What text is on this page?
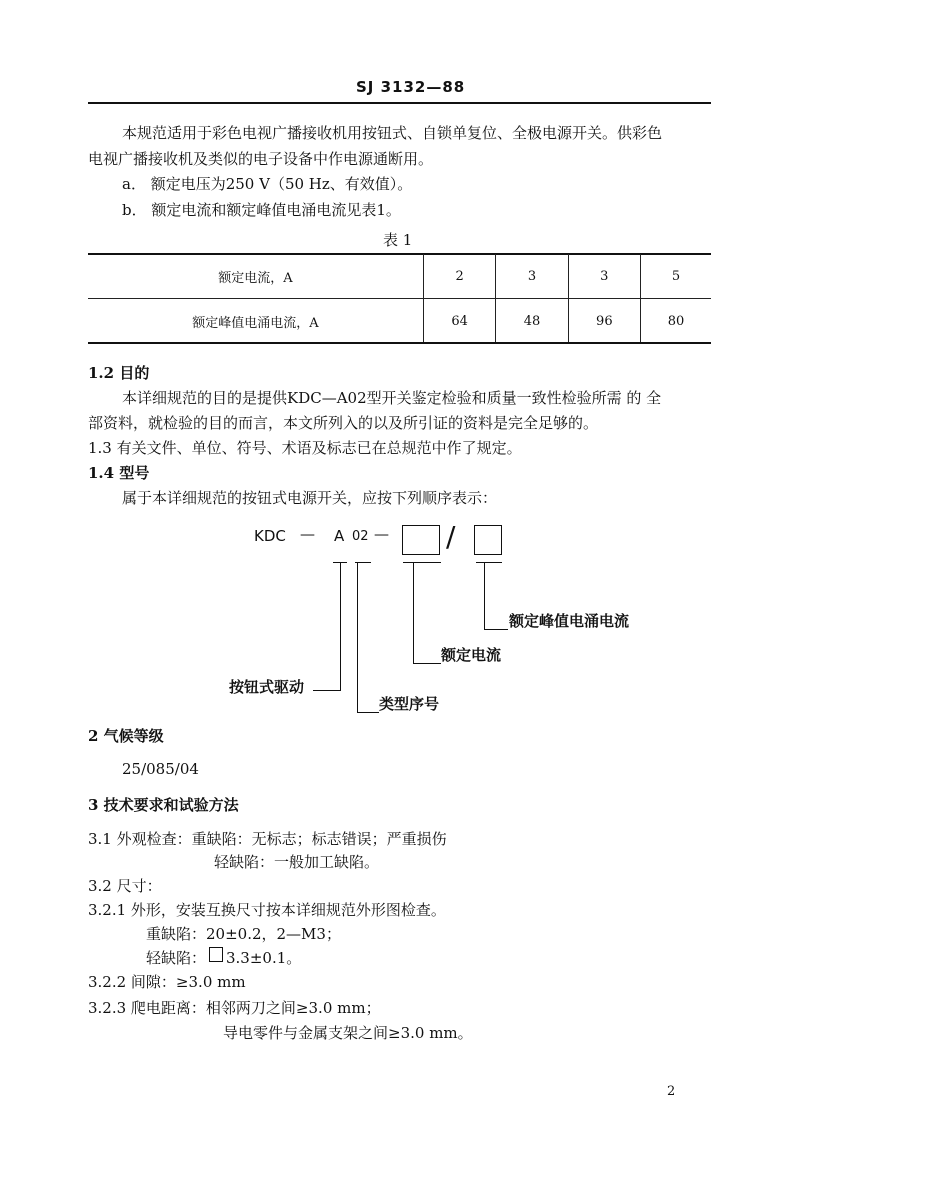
SJ 3132—88
本规范适用于彩色电视广播接收机用按钮式、自锁单复位、全极电源开关。供彩色
电视广播接收机及类似的电子设备中作电源通断用。
a． 额定电压为250 V（50 Hz、有效值）。
b． 额定电流和额定峰值电涌电流见表1。
表 1
额定电流，A	2	3	3	5
额定峰值电涌电流，A	64	48	96	80
1.2 目的
本详细规范的目的是提供KDC—A02型开关鉴定检验和质量一致性检验所需 的 全
部资料，就检验的目的而言，本文所列入的以及所引证的资料是完全足够的。
1.3 有关文件、单位、符号、术语及标志已在总规范中作了规定。
1.4 型号
属于本详细规范的按钮式电源开关，应按下列顺序表示：
KDC — A 02 — /
额定峰值电涌电流
额定电流
按钮式驱动
类型序号
2 气候等级
25/085/04
3 技术要求和试验方法
3.1 外观检查：重缺陷：无标志；标志错误；严重损伤
轻缺陷：一般加工缺陷。
3.2 尺寸：
3.2.1 外形，安装互换尺寸按本详细规范外形图检查。
重缺陷：20±0.2，2—M3；
轻缺陷： 3.3±0.1。
3.2.2 间隙：≥3.0 mm
3.2.3 爬电距离：相邻两刀之间≥3.0 mm；
导电零件与金属支架之间≥3.0 mm。
2
